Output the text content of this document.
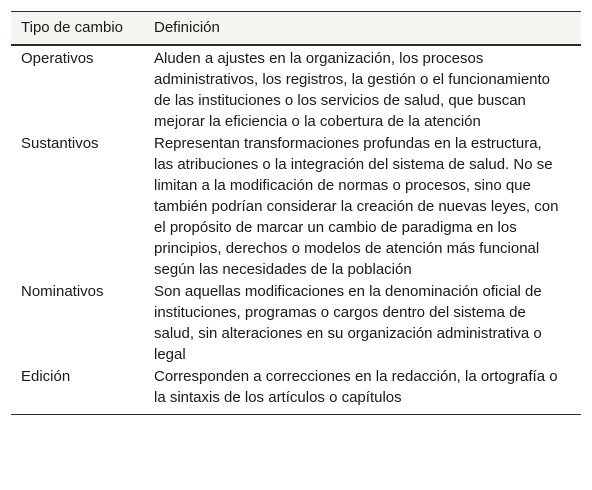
Tipo de cambio	Definición
Operativos	Aluden a ajustes en la organización, los procesos administrativos, los registros, la gestión o el funcionamiento de las instituciones o los servicios de salud, que buscan mejorar la eficiencia o la cobertura de la atención
Sustantivos	Representan transformaciones profundas en la estructura, las atribuciones o la integración del sistema de salud. No se limitan a la modificación de normas o procesos, sino que también podrían considerar la creación de nuevas leyes, con el propósito de marcar un cambio de paradigma en los principios, derechos o modelos de atención más funcional según las necesidades de la población
Nominativos	Son aquellas modificaciones en la denominación oficial de instituciones, programas o cargos dentro del sistema de salud, sin alteraciones en su organización administrativa o legal
Edición	Corresponden a correcciones en la redacción, la ortografía o la sintaxis de los artículos o capítulos
